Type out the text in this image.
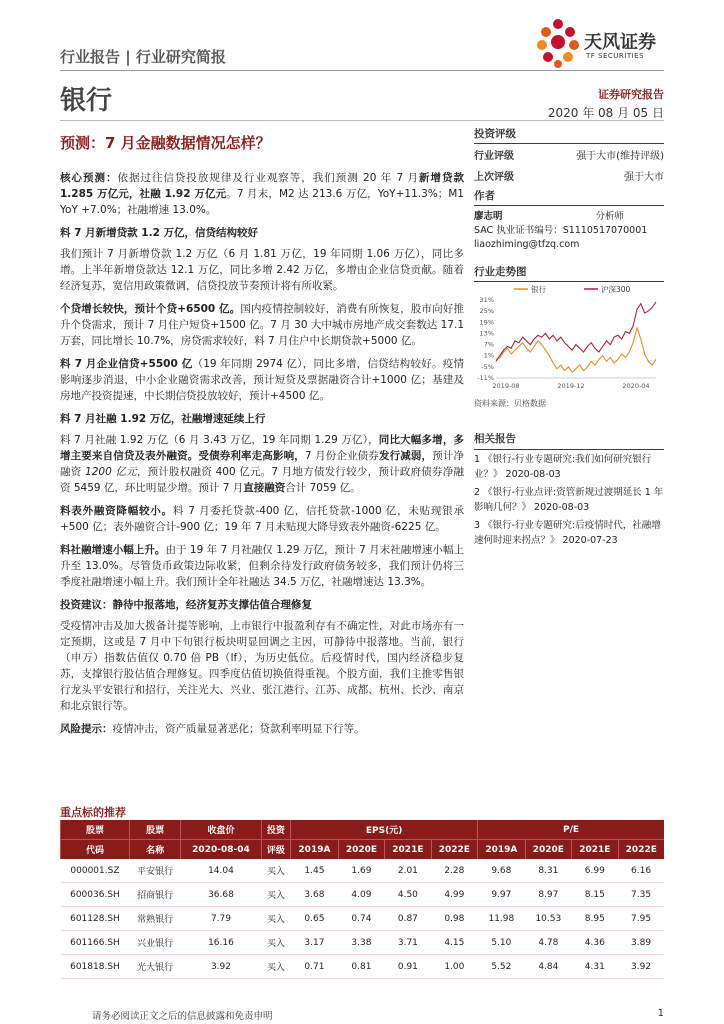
行业报告 | 行业研究简报
天风证券
TF SECURITIES
银行	证券研究报告
2020 年 08 月 05 日
预测：7 月金融数据情况怎样？

核心预测：依据过往信贷投放规律及行业观察等，我们预测 20 年 7 月新增贷款 1.285 万亿元，社融 1.92 万亿元。7 月末，M2 达 213.6 万亿，YoY+11.3%；M1 YoY +7.0%；社融增速 13.0%。

料 7 月新增贷款 1.2 万亿，信贷结构较好

我们预计 7 月新增贷款 1.2 万亿（6 月 1.81 万亿，19 年同期 1.06 万亿），同比多增。上半年新增贷款达 12.1 万亿，同比多增 2.42 万亿，多增由企业信贷贡献。随着经济复苏，宽信用政策微调，信贷投放节奏预计将有所收紧。

个贷增长较快，预计个贷+6500 亿。国内疫情控制较好，消费有所恢复，股市向好推升个贷需求，预计 7 月住户短贷+1500 亿。7 月 30 大中城市房地产成交套数达 17.1 万套，同比增长 10.7%，房贷需求较好，料 7 月住户中长期贷款+5000 亿。

料 7 月企业信贷+5500 亿（19 年同期 2974 亿），同比多增，信贷结构较好。疫情影响逐步消退，中小企业融资需求改善，预计短贷及票据融资合计+1000 亿；基建及房地产投资提速，中长期信贷投放较好，预计+4500 亿。

料 7 月社融 1.92 万亿，社融增速延续上行

料 7 月社融 1.92 万亿（6 月 3.43 万亿，19 年同期 1.29 万亿），同比大幅多增，多增主要来自信贷及表外融资。受债券利率走高影响，7 月份企业债券发行减弱，预计净融资 1200 亿元，预计股权融资 400 亿元。7 月地方债发行较少，预计政府债券净融资 5459 亿，环比明显少增。预计 7 月直接融资合计 7059 亿。

料表外融资降幅较小。料 7 月委托贷款-400 亿，信托贷款-1000 亿，未贴现银承+500 亿；表外融资合计-900 亿；19 年 7 月未贴现大降导致表外融资-6225 亿。

料社融增速小幅上升。由于 19 年 7 月社融仅 1.29 万亿，预计 7 月末社融增速小幅上升至 13.0%。尽管货币政策边际收紧，但剩余待发行政府债务较多，我们预计仍将三季度社融增速小幅上升。我们预计全年社融达 34.5 万亿，社融增速达 13.3%。

投资建议：静待中报落地，经济复苏支撑估值合理修复

受疫情冲击及加大拨备计提等影响，上市银行中报盈利存有不确定性，对此市场亦有一定预期，这或是 7 月中下旬银行板块明显回调之主因，可静待中报落地。当前，银行（申万）指数估值仅 0.70 倍 PB（lf），为历史低位。后疫情时代，国内经济稳步复苏，支撑银行股估值合理修复。四季度估值切换值得重视。个股方面，我们主推零售银行龙头平安银行和招行，关注光大、兴业、张江港行、江苏、成都、杭州、长沙、南京和北京银行等。

风险提示：疫情冲击，资产质量显著恶化；贷款利率明显下行等。

投资评级
行业评级	强于大市(维持评级)
上次评级	强于大市
作者
廖志明	分析师
SAC 执业证书编号：S1110517070001
liaozhiming@tfzq.com
行业走势图
银行	沪深300
31%
25%
19%
13%
7%
1%
-5%
-11%
2019-08	2019-12	2020-04
资料来源：贝格数据
相关报告
1 《银行-行业专题研究:我们如何研究银行业？》 2020-08-03
2 《银行-行业点评:资管新规过渡期延长 1 年影响几何？》 2020-08-03
3 《银行-行业专题研究:后疫情时代，社融增速何时迎来拐点？》 2020-07-23
重点标的推荐
股票	股票	收盘价	投资	EPS(元)				P/E			
代码	名称	2020-08-04	评级	2019A	2020E	2021E	2022E	2019A	2020E	2021E	2022E
000001.SZ	平安银行	14.04	买入	1.45	1.69	2.01	2.28	9.68	8.31	6.99	6.16
600036.SH	招商银行	36.68	买入	3.68	4.09	4.50	4.99	9.97	8.97	8.15	7.35
601128.SH	常熟银行	7.79	买入	0.65	0.74	0.87	0.98	11.98	10.53	8.95	7.95
601166.SH	兴业银行	16.16	买入	3.17	3.38	3.71	4.15	5.10	4.78	4.36	3.89
601818.SH	光大银行	3.92	买入	0.71	0.81	0.91	1.00	5.52	4.84	4.31	3.92
请务必阅读正文之后的信息披露和免责申明	1
